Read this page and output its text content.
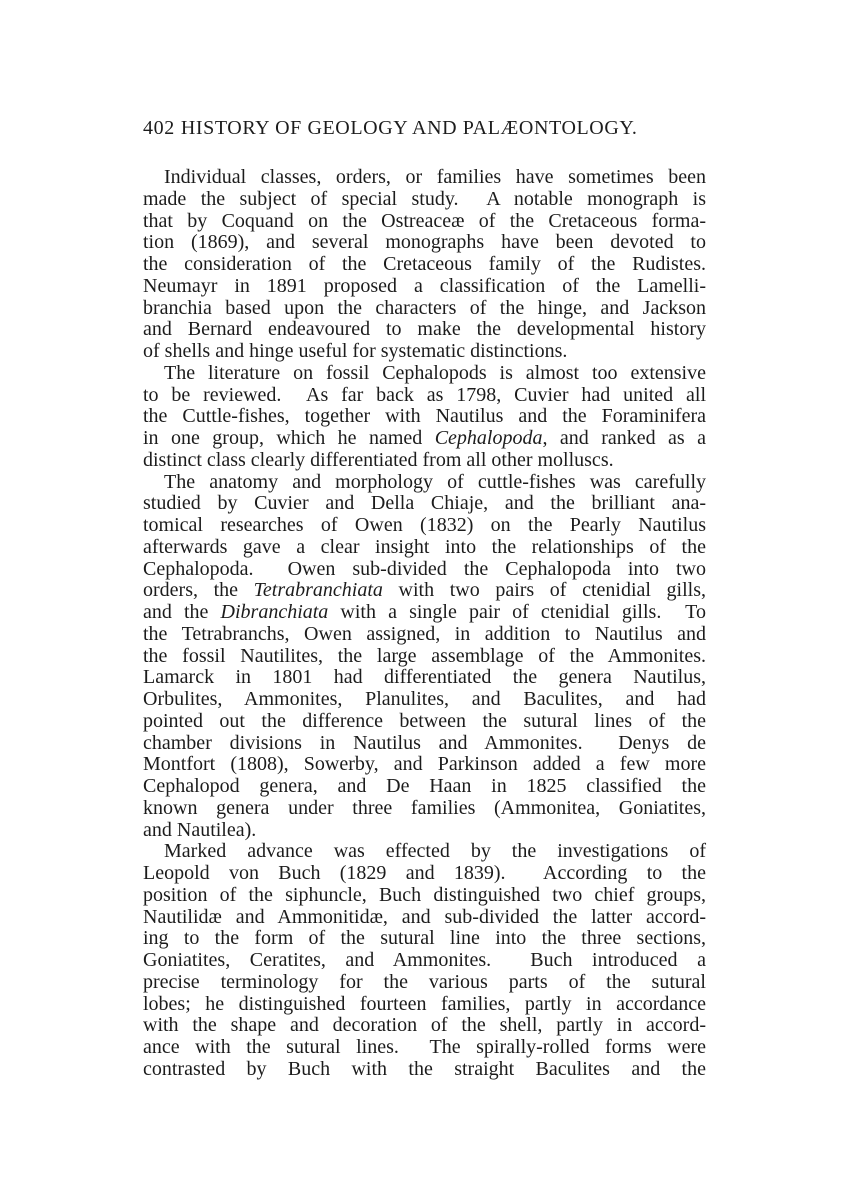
402 HISTORY OF GEOLOGY AND PALÆONTOLOGY.
Individual classes, orders, or families have sometimes been
made the subject of special study.  A notable monograph is
that by Coquand on the Ostreaceæ of the Cretaceous forma-
tion (1869), and several monographs have been devoted to
the consideration of the Cretaceous family of the Rudistes.
Neumayr in 1891 proposed a classification of the Lamelli-
branchia based upon the characters of the hinge, and Jackson
and Bernard endeavoured to make the developmental history
of shells and hinge useful for systematic distinctions.
The literature on fossil Cephalopods is almost too extensive
to be reviewed.  As far back as 1798, Cuvier had united all
the Cuttle-fishes, together with Nautilus and the Foraminifera
in one group, which he named Cephalopoda, and ranked as a
distinct class clearly differentiated from all other molluscs.
The anatomy and morphology of cuttle-fishes was carefully
studied by Cuvier and Della Chiaje, and the brilliant ana-
tomical researches of Owen (1832) on the Pearly Nautilus
afterwards gave a clear insight into the relationships of the
Cephalopoda.  Owen sub-divided the Cephalopoda into two
orders, the Tetrabranchiata with two pairs of ctenidial gills,
and the Dibranchiata with a single pair of ctenidial gills.  To
the Tetrabranchs, Owen assigned, in addition to Nautilus and
the fossil Nautilites, the large assemblage of the Ammonites.
Lamarck in 1801 had differentiated the genera Nautilus,
Orbulites, Ammonites, Planulites, and Baculites, and had
pointed out the difference between the sutural lines of the
chamber divisions in Nautilus and Ammonites.  Denys de
Montfort (1808), Sowerby, and Parkinson added a few more
Cephalopod genera, and De Haan in 1825 classified the
known genera under three families (Ammonitea, Goniatites,
and Nautilea).
Marked advance was effected by the investigations of
Leopold von Buch (1829 and 1839).  According to the
position of the siphuncle, Buch distinguished two chief groups,
Nautilidæ and Ammonitidæ, and sub-divided the latter accord-
ing to the form of the sutural line into the three sections,
Goniatites, Ceratites, and Ammonites.  Buch introduced a
precise terminology for the various parts of the sutural
lobes; he distinguished fourteen families, partly in accordance
with the shape and decoration of the shell, partly in accord-
ance with the sutural lines.  The spirally-rolled forms were
contrasted by Buch with the straight Baculites and the
